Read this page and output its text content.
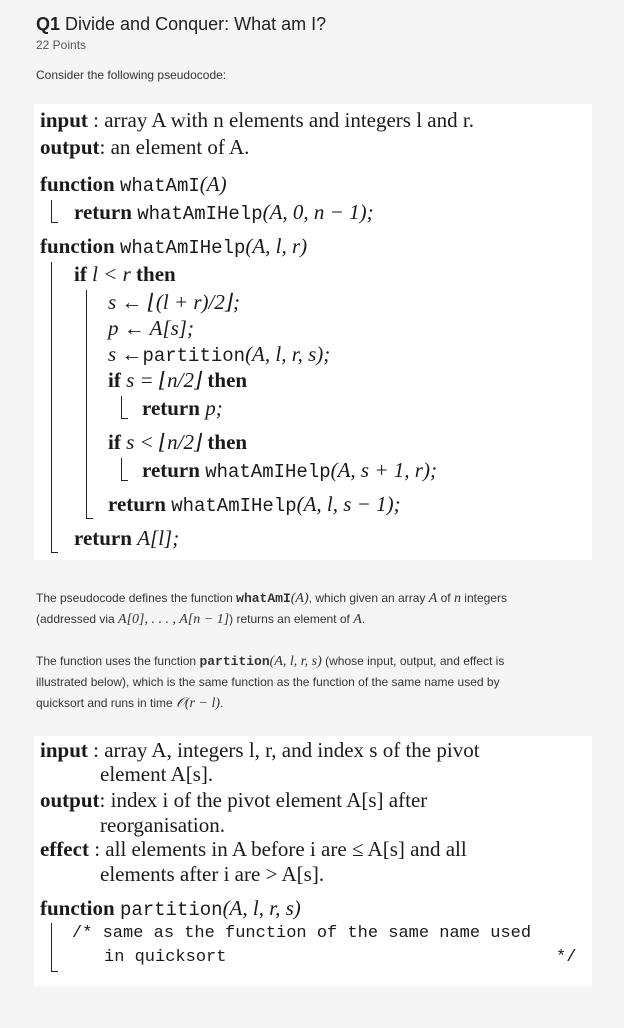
Q1 Divide and Conquer: What am I?
22 Points
Consider the following pseudocode:
input : array A with n elements and integers l and r.
output: an element of A.
function whatAmI(A)
return whatAmIHelp(A, 0, n − 1);
function whatAmIHelp(A, l, r)
if l < r then
s ← ⌊(l + r)/2⌋;
p ← A[s];
s ←partition(A, l, r, s);
if s = ⌊n/2⌋ then
return p;
if s < ⌊n/2⌋ then
return whatAmIHelp(A, s + 1, r);
return whatAmIHelp(A, l, s − 1);
return A[l];
The pseudocode defines the function whatAmI(A), which given an array A of n integers
(addressed via A[0], . . . , A[n − 1]) returns an element of A.
The function uses the function partition(A, l, r, s) (whose input, output, and effect is
illustrated below), which is the same function as the function of the same name used by
quicksort and runs in time 𝒪(r − l).
input : array A, integers l, r, and index s of the pivot
element A[s].
output: index i of the pivot element A[s] after
reorganisation.
effect : all elements in A before i are ≤ A[s] and all
elements after i are > A[s].
function partition(A, l, r, s)
/* same as the function of the same name used
in quicksort	*/
